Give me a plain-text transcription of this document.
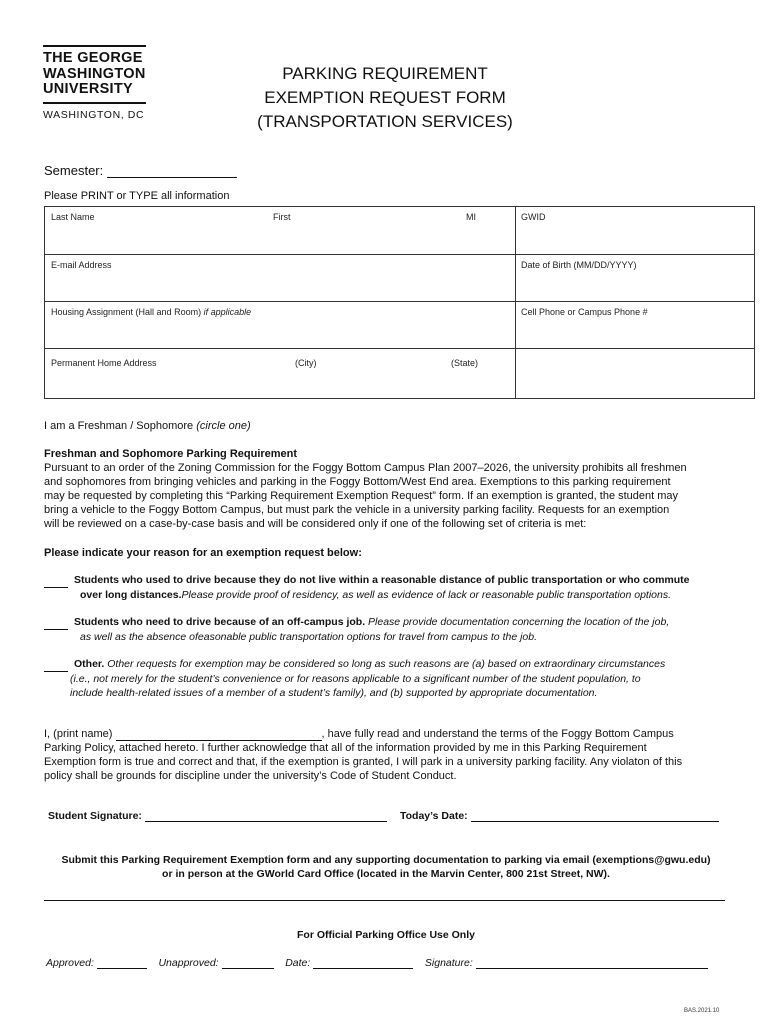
THE GEORGE
WASHINGTON
UNIVERSITY
WASHINGTON, DC
PARKING REQUIREMENT
EXEMPTION REQUEST FORM
(TRANSPORTATION SERVICES)
Semester:
Please PRINT or TYPE all information
Last Name	First	MI	GWID
E-mail Address	Date of Birth (MM/DD/YYYY)
Housing Assignment (Hall and Room) if applicable	Cell Phone or Campus Phone #
Permanent Home Address	(City)	(State)
I am a Freshman / Sophomore (circle one)
Freshman and Sophomore Parking Requirement
Pursuant to an order of the Zoning Commission for the Foggy Bottom Campus Plan 2007–2026, the university prohibits all freshmen
and sophomores from bringing vehicles and parking in the Foggy Bottom/West End area. Exemptions to this parking requirement
may be requested by completing this “Parking Requirement Exemption Request” form. If an exemption is granted, the student may
bring a vehicle to the Foggy Bottom Campus, but must park the vehicle in a university parking facility. Requests for an exemption
will be reviewed on a case-by-case basis and will be considered only if one of the following set of criteria is met:
Please indicate your reason for an exemption request below:
Students who used to drive because they do not live within a reasonable distance of public transportation or who commute
over long distances.Please provide proof of residency, as well as evidence of lack or reasonable public transportation options.
Students who need to drive because of an off-campus job. Please provide documentation concerning the location of the job,
as well as the absence ofeasonable public transportation options for travel from campus to the job.
Other. Other requests for exemption may be considered so long as such reasons are (a) based on extraordinary circumstances
(i.e., not merely for the student’s convenience or for reasons applicable to a significant number of the student population, to
include health-related issues of a member of a student’s family), and (b) supported by appropriate documentation.
I, (print name)	, have fully read and understand the terms of the Foggy Bottom Campus
Parking Policy, attached hereto. I further acknowledge that all of the information provided by me in this Parking Requirement
Exemption form is true and correct and that, if the exemption is granted, I will park in a university parking facility. Any violaton of this
policy shall be grounds for discipline under the university’s Code of Student Conduct.
Student Signature:	Today’s Date:
Submit this Parking Requirement Exemption form and any supporting documentation to parking via email (exemptions@gwu.edu)
or in person at the GWorld Card Office (located in the Marvin Center, 800 21st Street, NW).
For Official Parking Office Use Only
Approved:	Unapproved:	Date:	Signature:
BAS.2021.10
